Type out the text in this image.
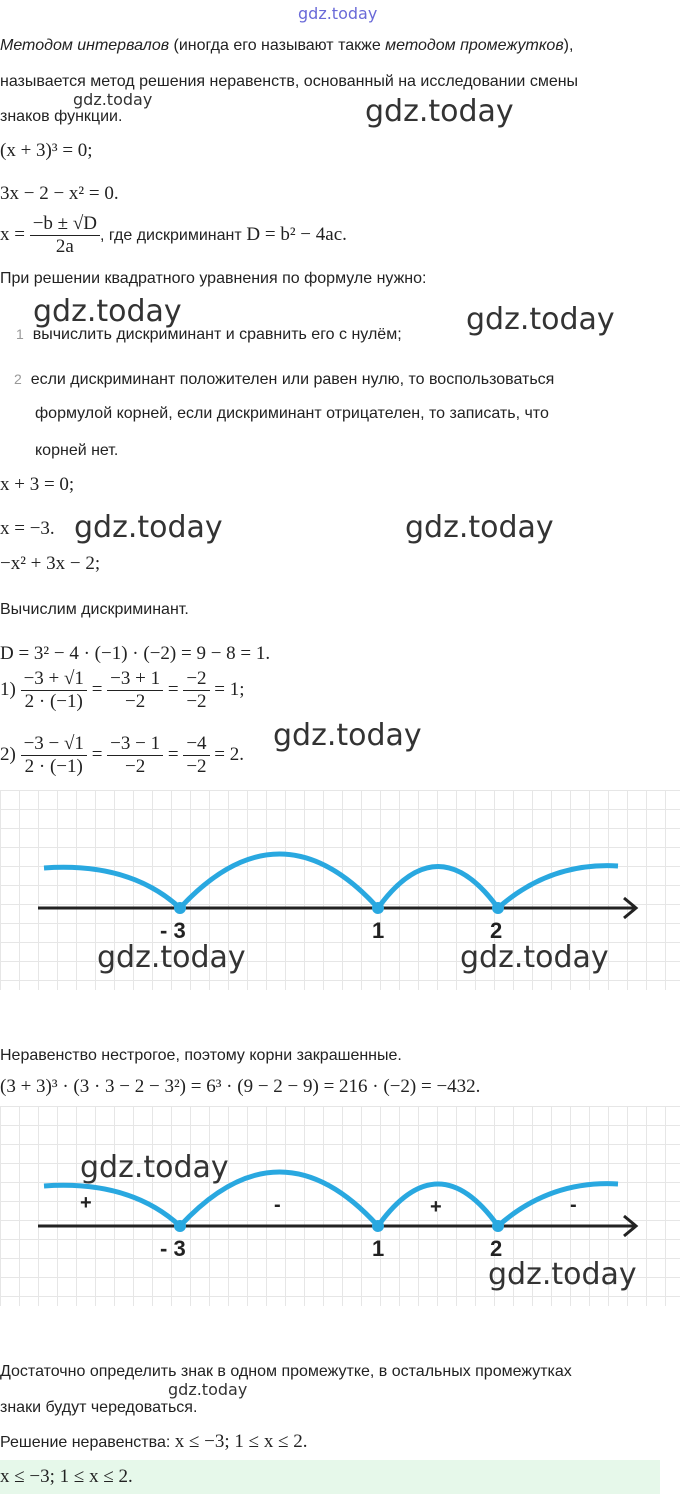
gdz.today
gdz.today	gdz.today
gdz.today	gdz.today
gdz.today	gdz.today
gdz.today
Методом интервалов (иногда его называют также методом промежутков),
называется метод решения неравенств, основанный на исследовании смены
знаков функции.
(x + 3)³ = 0;
3x − 2 − x² = 0.
$x = \frac{-b \pm √D}{2a}$ , где дискриминант D = b² − 4ac.
При решении квадратного уравнения по формуле нужно:
1 вычислить дискриминант и сравнить его с нулём;
2 если дискриминант положителен или равен нулю, то воспользоваться
формулой корней, если дискриминант отрицателен, то записать, что
корней нет.
x + 3 = 0;
x = −3.
−x² + 3x − 2;
Вычислим дискриминант.
D = 3² − 4 · (−1) · (−2) = 9 − 8 = 1.
$1) \frac{-3 + √1}{2 \cdot (-1)} = \frac{-3 + 1}{-2} = \frac{-2}{-2} = 1$;
$2) \frac{-3 - √1}{2 \cdot (-1)} = \frac{-3 - 1}{-2} = \frac{-4}{-2} = 2$.
- 3	1	2
gdz.today	gdz.today
Неравенство нестрогое, поэтому корни закрашенные.
(3 + 3)³ · (3 · 3 − 2 − 3²) = 6³ · (9 − 2 − 9) = 216 · (−2) = −432.
+	-	+	-
- 3	1	2
gdz.today
gdz.today
Достаточно определить знак в одном промежутке, в остальных промежутках
gdz.today
знаки будут чередоваться.
Решение неравенства: x ≤ −3; 1 ≤ x ≤ 2.
x ≤ −3; 1 ≤ x ≤ 2.
